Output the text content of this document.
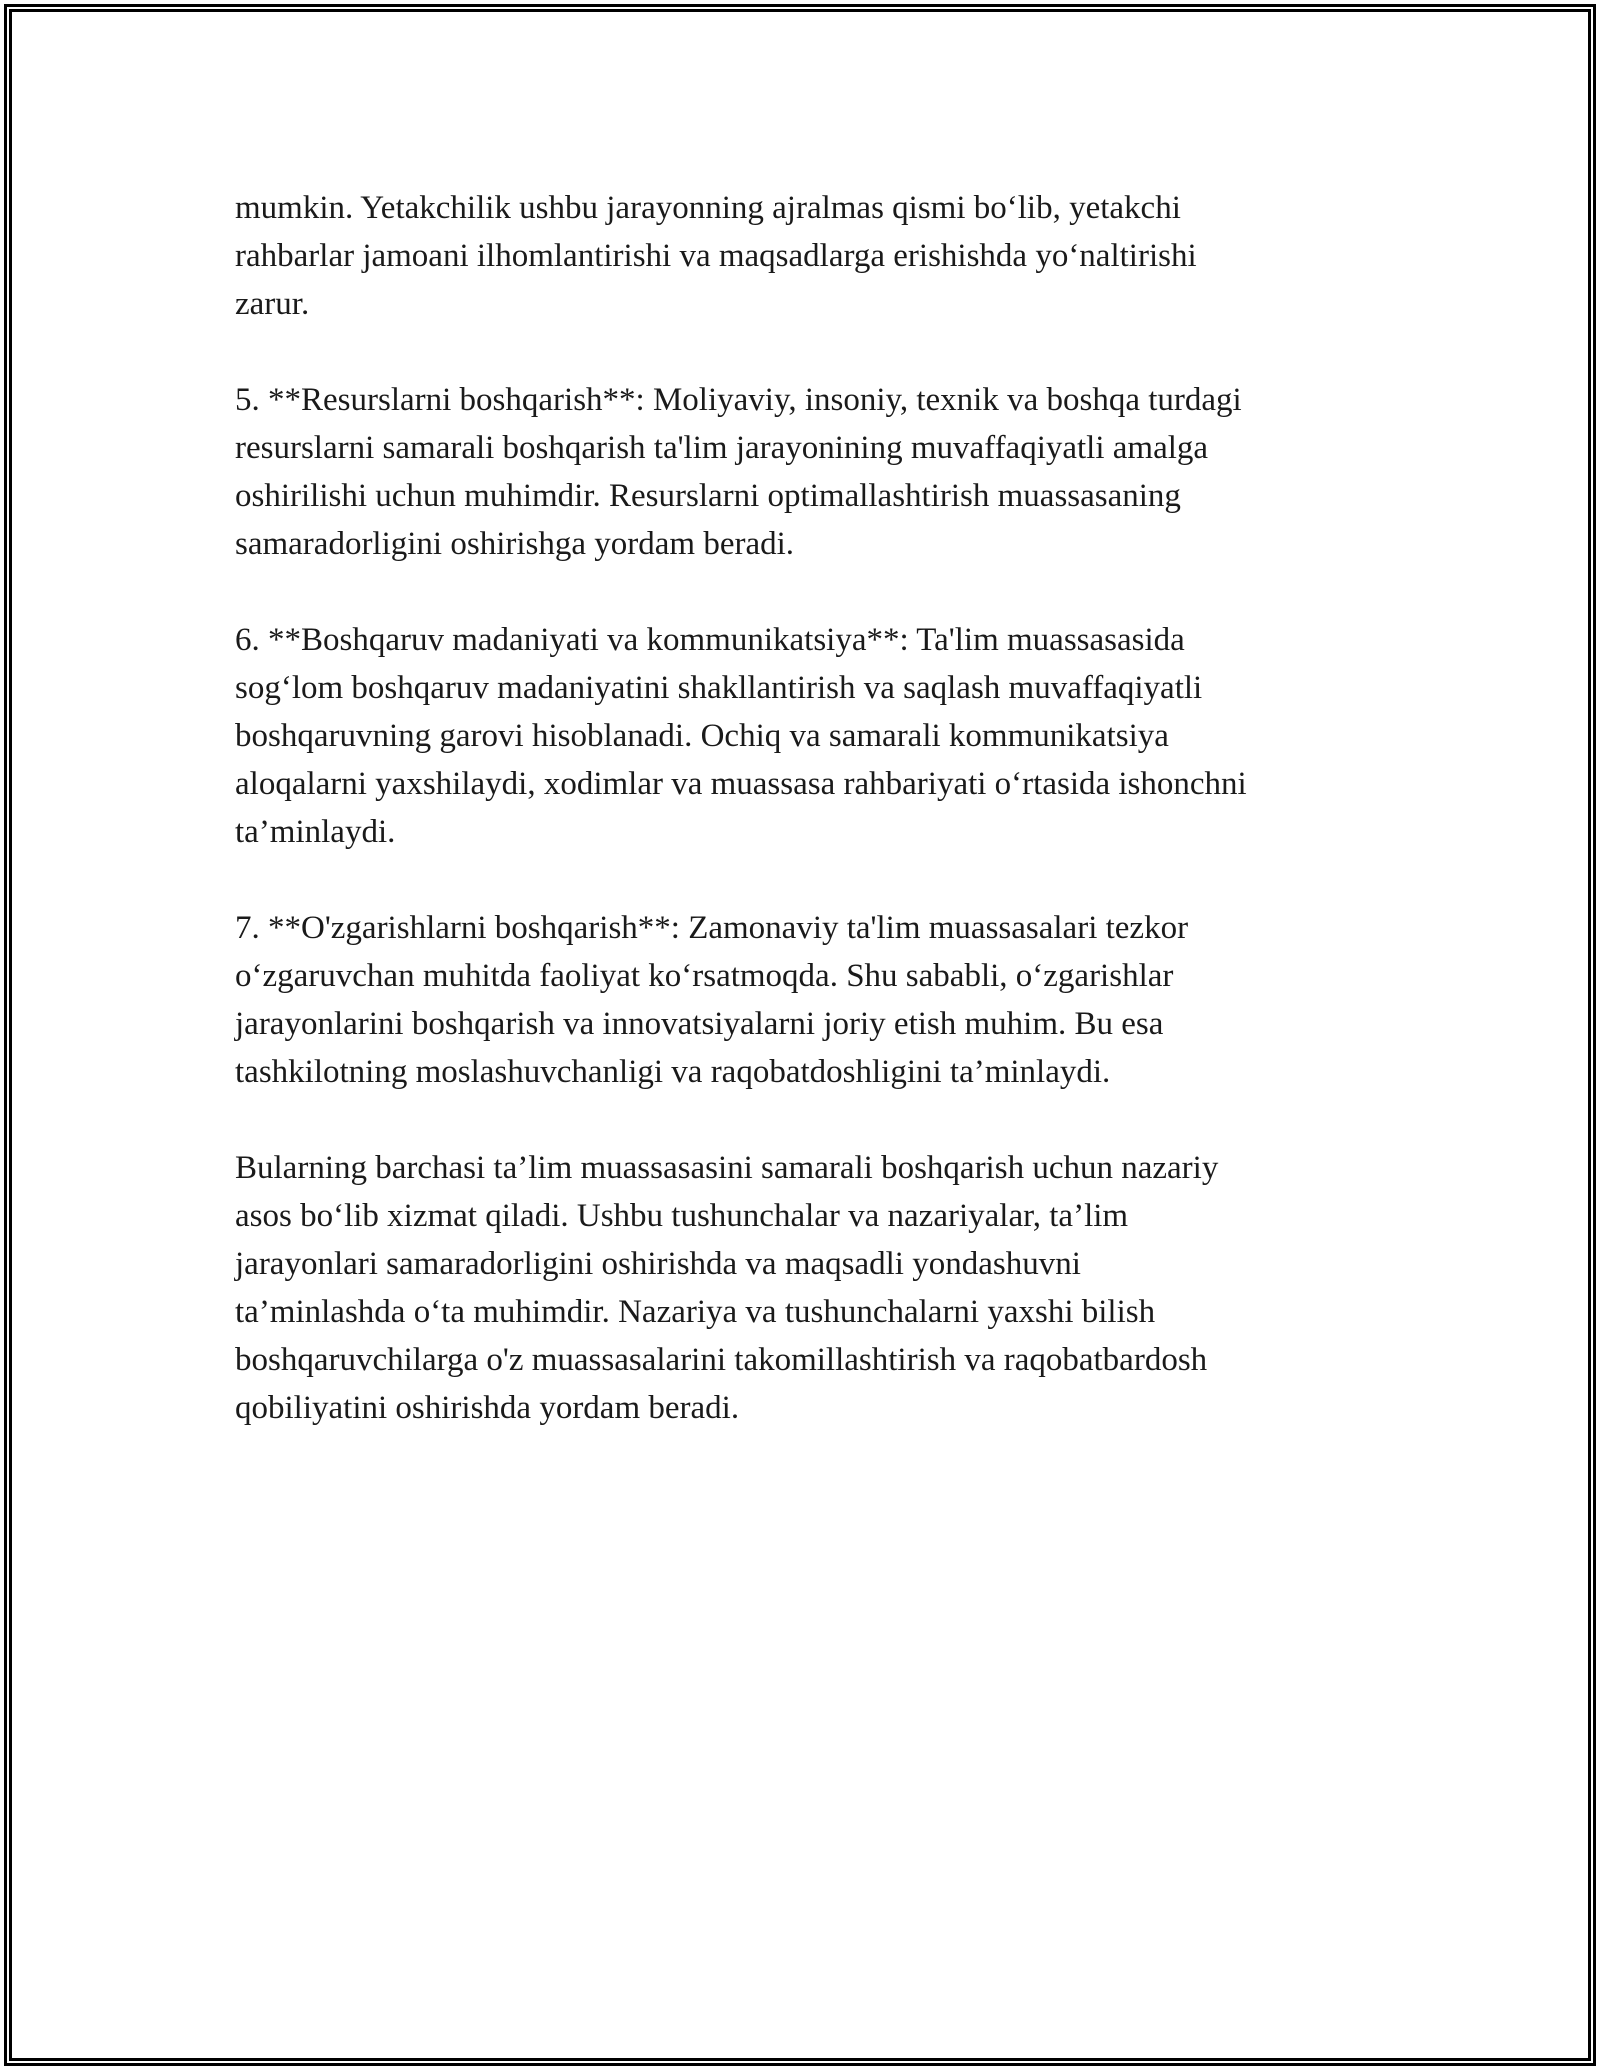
mumkin. Yetakchilik ushbu jarayonning ajralmas qismi bo‘lib, yetakchi
rahbarlar jamoani ilhomlantirishi va maqsadlarga erishishda yo‘naltirishi
zarur.

5. **Resurslarni boshqarish**: Moliyaviy, insoniy, texnik va boshqa turdagi
resurslarni samarali boshqarish ta'lim jarayonining muvaffaqiyatli amalga
oshirilishi uchun muhimdir. Resurslarni optimallashtirish muassasaning
samaradorligini oshirishga yordam beradi.

6. **Boshqaruv madaniyati va kommunikatsiya**: Ta'lim muassasasida
sog‘lom boshqaruv madaniyatini shakllantirish va saqlash muvaffaqiyatli
boshqaruvning garovi hisoblanadi. Ochiq va samarali kommunikatsiya
aloqalarni yaxshilaydi, xodimlar va muassasa rahbariyati o‘rtasida ishonchni
ta’minlaydi.

7. **O'zgarishlarni boshqarish**: Zamonaviy ta'lim muassasalari tezkor
o‘zgaruvchan muhitda faoliyat ko‘rsatmoqda. Shu sababli, o‘zgarishlar
jarayonlarini boshqarish va innovatsiyalarni joriy etish muhim. Bu esa
tashkilotning moslashuvchanligi va raqobatdoshligini ta’minlaydi.

Bularning barchasi ta’lim muassasasini samarali boshqarish uchun nazariy
asos bo‘lib xizmat qiladi. Ushbu tushunchalar va nazariyalar, ta’lim
jarayonlari samaradorligini oshirishda va maqsadli yondashuvni
ta’minlashda o‘ta muhimdir. Nazariya va tushunchalarni yaxshi bilish
boshqaruvchilarga o'z muassasalarini takomillashtirish va raqobatbardosh
qobiliyatini oshirishda yordam beradi.
